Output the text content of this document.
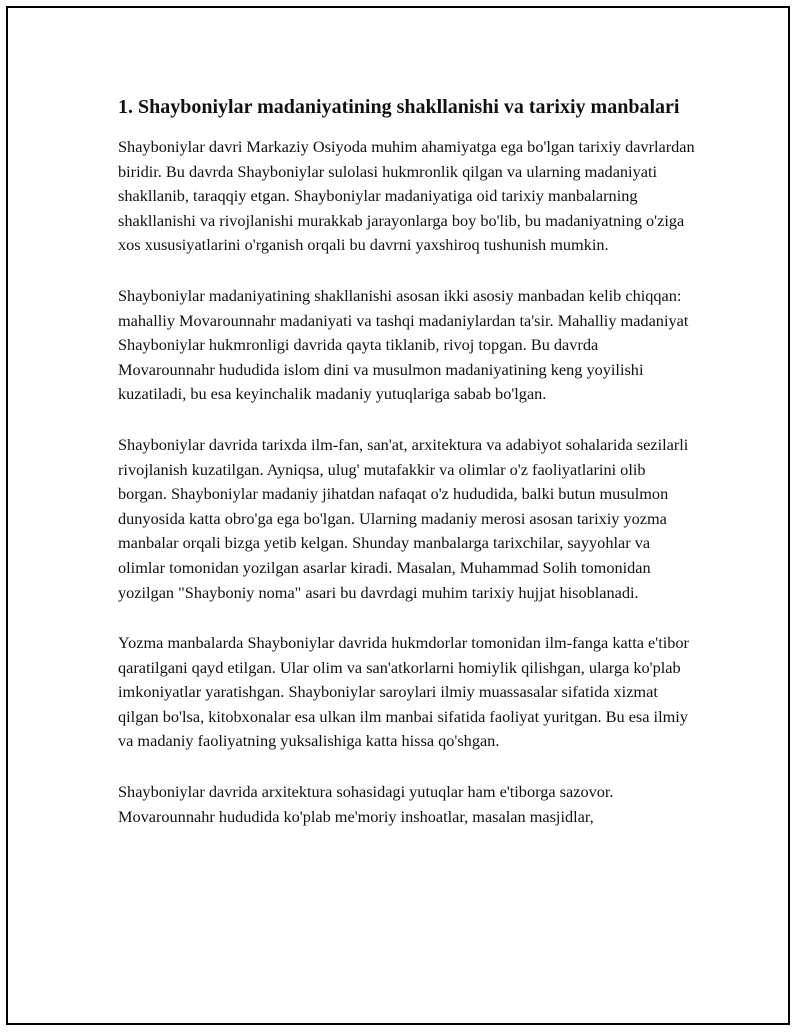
1. Shayboniylar madaniyatining shakllanishi va tarixiy manbalari

Shayboniylar davri Markaziy Osiyoda muhim ahamiyatga ega bo'lgan tarixiy davrlardan biridir. Bu davrda Shayboniylar sulolasi hukmronlik qilgan va ularning madaniyati shakllanib, taraqqiy etgan. Shayboniylar madaniyatiga oid tarixiy manbalarning shakllanishi va rivojlanishi murakkab jarayonlarga boy bo'lib, bu madaniyatning o'ziga xos xususiyatlarini o'rganish orqali bu davrni yaxshiroq tushunish mumkin.

Shayboniylar madaniyatining shakllanishi asosan ikki asosiy manbadan kelib chiqqan: mahalliy Movarounnahr madaniyati va tashqi madaniylardan ta'sir. Mahalliy madaniyat Shayboniylar hukmronligi davrida qayta tiklanib, rivoj topgan. Bu davrda Movarounnahr hududida islom dini va musulmon madaniyatining keng yoyilishi kuzatiladi, bu esa keyinchalik madaniy yutuqlariga sabab bo'lgan.

Shayboniylar davrida tarixda ilm-fan, san'at, arxitektura va adabiyot sohalarida sezilarli rivojlanish kuzatilgan. Ayniqsa, ulug' mutafakkir va olimlar o'z faoliyatlarini olib borgan. Shayboniylar madaniy jihatdan nafaqat o'z hududida, balki butun musulmon dunyosida katta obro'ga ega bo'lgan. Ularning madaniy merosi asosan tarixiy yozma manbalar orqali bizga yetib kelgan. Shunday manbalarga tarixchilar, sayyohlar va olimlar tomonidan yozilgan asarlar kiradi. Masalan, Muhammad Solih tomonidan yozilgan "Shayboniy noma" asari bu davrdagi muhim tarixiy hujjat hisoblanadi.

Yozma manbalarda Shayboniylar davrida hukmdorlar tomonidan ilm-fanga katta e'tibor qaratilgani qayd etilgan. Ular olim va san'atkorlarni homiylik qilishgan, ularga ko'plab imkoniyatlar yaratishgan. Shayboniylar saroylari ilmiy muassasalar sifatida xizmat qilgan bo'lsa, kitobxonalar esa ulkan ilm manbai sifatida faoliyat yuritgan. Bu esa ilmiy va madaniy faoliyatning yuksalishiga katta hissa qo'shgan.

Shayboniylar davrida arxitektura sohasidagi yutuqlar ham e'tiborga sazovor. Movarounnahr hududida ko'plab me'moriy inshoatlar, masalan masjidlar,
